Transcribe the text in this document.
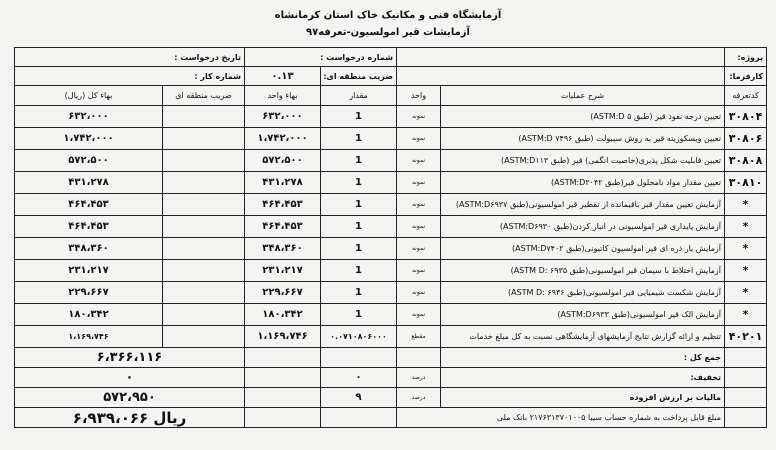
آزمایشگاه فنی و مکانیک خاک استان کرمانشاه
آزمایشات قیر امولسیون-تعرفه۹۷
پروژه:			شماره درخواست :		تاریخ درخواست :	
کارفرما:			ضریب منطقه ای:	۰.۱۳	شماره کار :	
کدتعرفه	شرح عملیات	واحد	مقدار	بهاء واحد	ضریب منطقه ای	بهاء کل (ریال)
۳۰۸۰۴	تعیین درجه نفوذ قیر (طبق ASTM:D ۵)	نمونه	1	۶۳۲،۰۰۰		۶۳۲،۰۰۰
۳۰۸۰۶	تعیین ویسکوزیته قیر به روش سیبولت (طبق ASTM:D ۷۴۹۶)	نمونه	1	۱،۷۴۲،۰۰۰		۱،۷۴۲،۰۰۰
۳۰۸۰۸	تعیین قابلیت شکل پذیری(خاصیت انگمی) قیر (طبق ASTM:D۱۱۳)	نمونه	1	۵۷۲،۵۰۰		۵۷۲،۵۰۰
۳۰۸۱۰	تعیین مقدار مواد نامحلول قیر(طبق ASTM:D۲۰۴۲)	نمونه	1	۴۳۱،۲۷۸		۴۳۱،۲۷۸
*	آزمایش تعیین مقدار قیر باقیمانده از تقطیر قیر امولسیونی(طبق ASTM:D۶۹۳۷)	نمونه	1	۴۶۴،۴۵۳		۴۶۴،۴۵۳
*	آزمایش پایداری قیر امولسیونی در انبار کردن(طبق ASTM:D۶۹۳۰)	نمونه	1	۴۶۴،۴۵۳		۴۶۴،۴۵۳
*	آزمایش بار ذره ای قیر امولسیون کاتیونی(طبق ASTM:D۷۴۰۲)	نمونه	1	۳۴۸،۳۶۰		۳۴۸،۳۶۰
*	آزمایش اختلاط با سیمان قیر امولسیونی(طبق ASTM D: ۶۹۳۵)	نمونه	1	۲۳۱،۲۱۷		۲۳۱،۲۱۷
*	آزمایش شکست شیمیایی قیر امولسیونی(طبق ASTM D: ۶۹۳۶)	نمونه	1	۲۲۹،۶۶۷		۲۲۹،۶۶۷
*	آزمایش الک قیر امولسیونی(طبق ASTM:D۶۹۳۳)	نمونه	1	۱۸۰،۳۴۲		۱۸۰،۳۴۲
۴۰۲۰۱	تنظیم و ارائه گزارش نتایج آزمایشهای آزمایشگاهی نسبت به کل مبلغ خدمات	مقطع	۰.۰۷۱۰۸۰۶۰۰۰	۱،۱۶۹،۷۴۶		۱،۱۶۹،۷۴۶
	جمع کل :				۶،۳۶۶،۱۱۶	
	تخفیف:	درصد	۰		۰	
	مالیات بر ارزش افزوده	درصد	۹		۵۷۲،۹۵۰	
	مبلغ قابل پرداخت به شماره حساب سیبا ۲۱۷۶۳۱۳۷۰۱۰۰۵ بانک ملی				ریال ۶،۹۳۹،۰۶۶	
